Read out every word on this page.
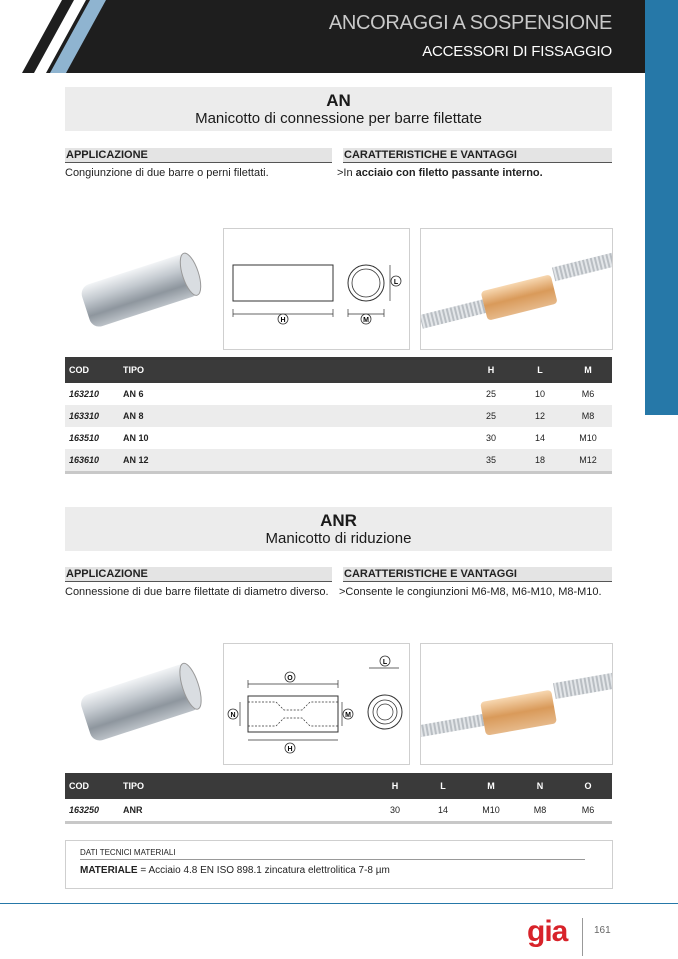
ANCORAGGI A SOSPENSIONE
ACCESSORI DI FISSAGGIO
AN
Manicotto di connessione per barre filettate
APPLICAZIONE
Congiunzione di due barre o perni filettati.
CARATTERISTICHE E VANTAGGI
>In acciaio con filetto passante interno.
H	M
L
COD	TIPO	H	L	M
163210	AN 6	25	10	M6
163310	AN 8	25	12	M8
163510	AN 10	30	14	M10
163610	AN 12	35	18	M12
ANR
Manicotto di riduzione
APPLICAZIONE
Connessione di due barre filettate di diametro diverso.
CARATTERISTICHE E VANTAGGI
>Consente le congiunzioni M6-M8, M6-M10, M8-M10.
O
N	M
H
L
COD	TIPO	H	L	M	N	O
163250	ANR	30	14	M10	M8	M6
DATI TECNICI MATERIALI
MATERIALE = Acciaio 4.8 EN ISO 898.1 zincatura elettrolitica 7-8 µm
gia	161
